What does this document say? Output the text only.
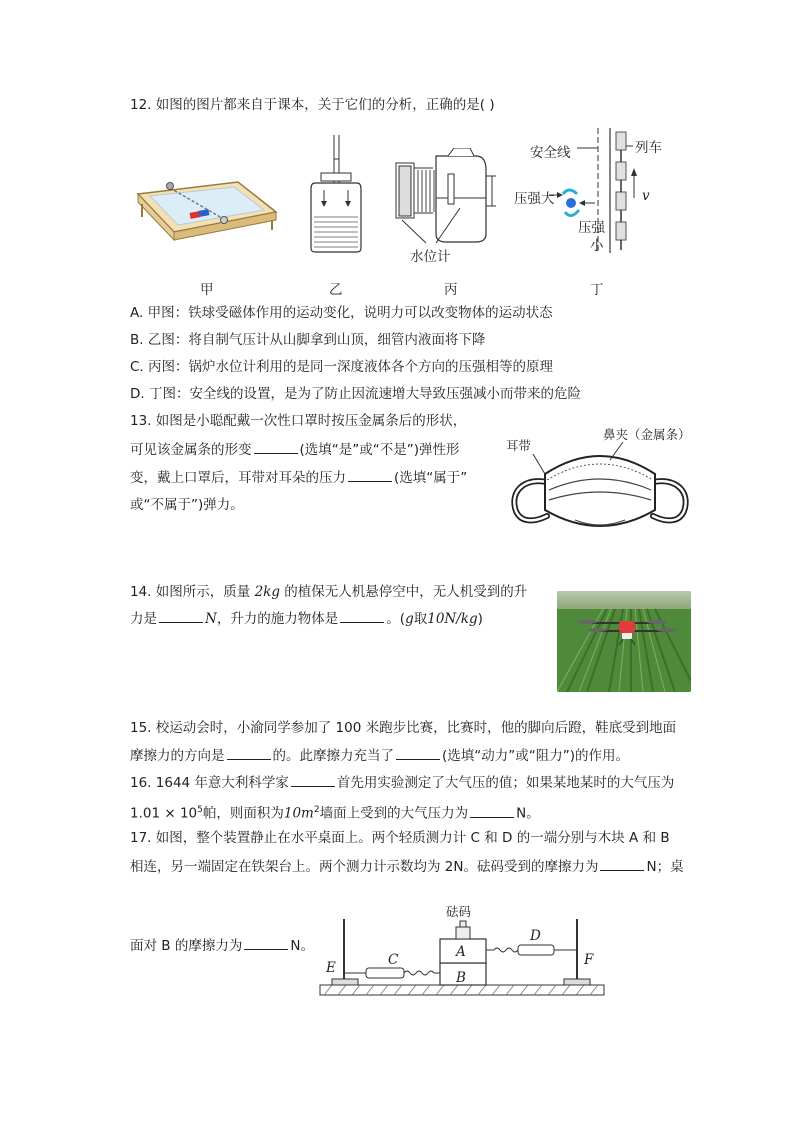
12. 如图的图片都来自于课本，关于它们的分析，正确的是( )
水位计
安全线	列车
压强大
压强
小
v
甲	乙	丙	丁
A. 甲图：铁球受磁体作用的运动变化，说明力可以改变物体的运动状态
B. 乙图：将自制气压计从山脚拿到山顶，细管内液面将下降
C. 丙图：锅炉水位计利用的是同一深度液体各个方向的压强相等的原理
D. 丁图：安全线的设置，是为了防止因流速增大导致压强减小而带来的危险
13. 如图是小聪配戴一次性口罩时按压金属条后的形状，
可见该金属条的形变	(选填“是”或“不是”)弹性形
变，戴上口罩后，耳带对耳朵的压力	(选填“属于”
或“不属于”)弹力。
耳带
鼻夹（金属条）
14. 如图所示，质量 2kg 的植保无人机悬停空中，无人机受到的升
力是	N，升力的施力物体是	。(g取10N/kg)
15. 校运动会时，小渝同学参加了 100 米跑步比赛，比赛时，他的脚向后蹬，鞋底受到地面
摩擦力的方向是	的。此摩擦力充当了	(选填“动力”或“阻力”)的作用。
16. 1644 年意大利科学家	首先用实验测定了大气压的值；如果某地某时的大气压为
$1.01 \times 10^5$帕，则面积为$10m^2$墙面上受到的大气压力为	N。
17. 如图，整个装置静止在水平桌面上。两个轻质测力计 C 和 D 的一端分别与木块 A 和 B
相连，另一端固定在铁架台上。两个测力计示数均为 2N。砝码受到的摩擦力为	N；桌
面对 B 的摩擦力为	N。
砝码
A
B
C
D
E	F
